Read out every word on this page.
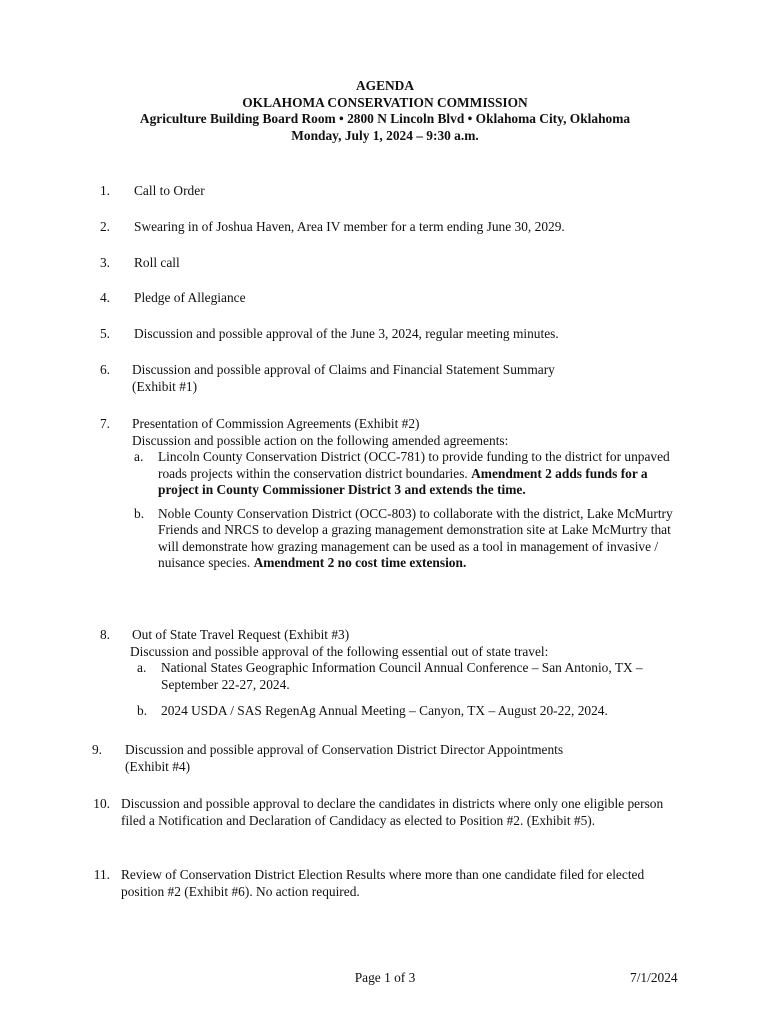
AGENDA
OKLAHOMA CONSERVATION COMMISSION
Agriculture Building Board Room • 2800 N Lincoln Blvd • Oklahoma City, Oklahoma
Monday, July 1, 2024 – 9:30 a.m.
1. Call to Order
2. Swearing in of Joshua Haven, Area IV member for a term ending June 30, 2029.
3. Roll call
4. Pledge of Allegiance
5. Discussion and possible approval of the June 3, 2024, regular meeting minutes.
6. Discussion and possible approval of Claims and Financial Statement Summary
(Exhibit #1)
7. Presentation of Commission Agreements (Exhibit #2)
Discussion and possible action on the following amended agreements:
a. Lincoln County Conservation District (OCC-781) to provide funding to the district for unpaved roads projects within the conservation district boundaries. Amendment 2 adds funds for a project in County Commissioner District 3 and extends the time.
b. Noble County Conservation District (OCC-803) to collaborate with the district, Lake McMurtry Friends and NRCS to develop a grazing management demonstration site at Lake McMurtry that will demonstrate how grazing management can be used as a tool in management of invasive / nuisance species. Amendment 2 no cost time extension.
8. Out of State Travel Request (Exhibit #3)
Discussion and possible approval of the following essential out of state travel:
a. National States Geographic Information Council Annual Conference – San Antonio, TX – September 22-27, 2024.
b. 2024 USDA / SAS RegenAg Annual Meeting – Canyon, TX – August 20-22, 2024.
9. Discussion and possible approval of Conservation District Director Appointments
(Exhibit #4)
10. Discussion and possible approval to declare the candidates in districts where only one eligible person filed a Notification and Declaration of Candidacy as elected to Position #2. (Exhibit #5).
11. Review of Conservation District Election Results where more than one candidate filed for elected position #2 (Exhibit #6). No action required.
Page 1 of 3	7/1/2024
